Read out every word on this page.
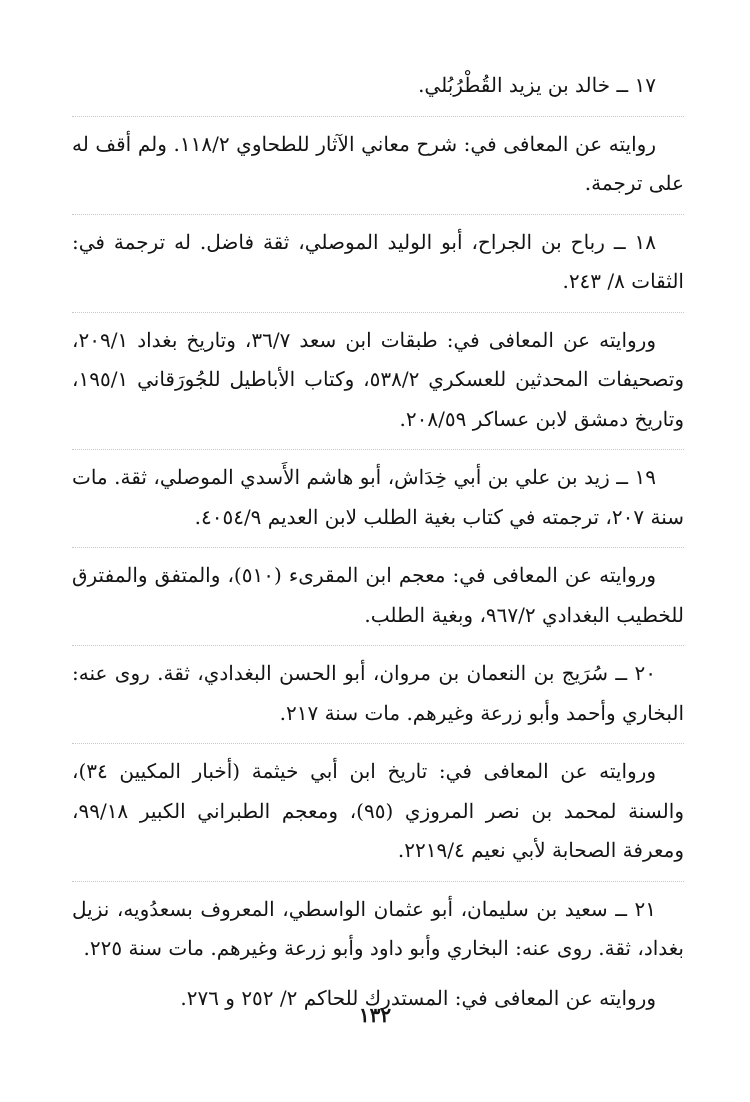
١٧ ــ خالد بن يزيد القُطْرُبُلي.

روايته عن المعافى في: شرح معاني الآثار للطحاوي ١١٨/٢. ولم أقف له على ترجمة.

١٨ ــ رباح بن الجراح، أبو الوليد الموصلي، ثقة فاضل. له ترجمة في: الثقات ٨/ ٢٤٣.

وروايته عن المعافى في: طبقات ابن سعد ٣٦/٧، وتاريخ بغداد ٢٠٩/١، وتصحيفات المحدثين للعسكري ٥٣٨/٢، وكتاب الأباطيل للجُورَقاني ١٩٥/١، وتاريخ دمشق لابن عساكر ٢٠٨/٥٩.

١٩ ــ زيد بن علي بن أبي خِدَاش، أبو هاشم الأَسدي الموصلي، ثقة. مات سنة ٢٠٧، ترجمته في كتاب بغية الطلب لابن العديم ٤٠٥٤/٩.

وروايته عن المعافى في: معجم ابن المقرىء (٥١٠)، والمتفق والمفترق للخطيب البغدادي ٩٦٧/٢، وبغية الطلب.

٢٠ ــ سُرَيج بن النعمان بن مروان، أبو الحسن البغدادي، ثقة. روى عنه: البخاري وأحمد وأبو زرعة وغيرهم. مات سنة ٢١٧.

وروايته عن المعافى في: تاريخ ابن أبي خيثمة (أخبار المكيين ٣٤)، والسنة لمحمد بن نصر المروزي (٩٥)، ومعجم الطبراني الكبير ٩٩/١٨، ومعرفة الصحابة لأبي نعيم ٢٢١٩/٤.

٢١ ــ سعيد بن سليمان، أبو عثمان الواسطي، المعروف بسعدُويه، نزيل بغداد، ثقة. روى عنه: البخاري وأبو داود وأبو زرعة وغيرهم. مات سنة ٢٢٥.

وروايته عن المعافى في: المستدرك للحاكم ٢/ ٢٥٢ و ٢٧٦.

١٣٢
